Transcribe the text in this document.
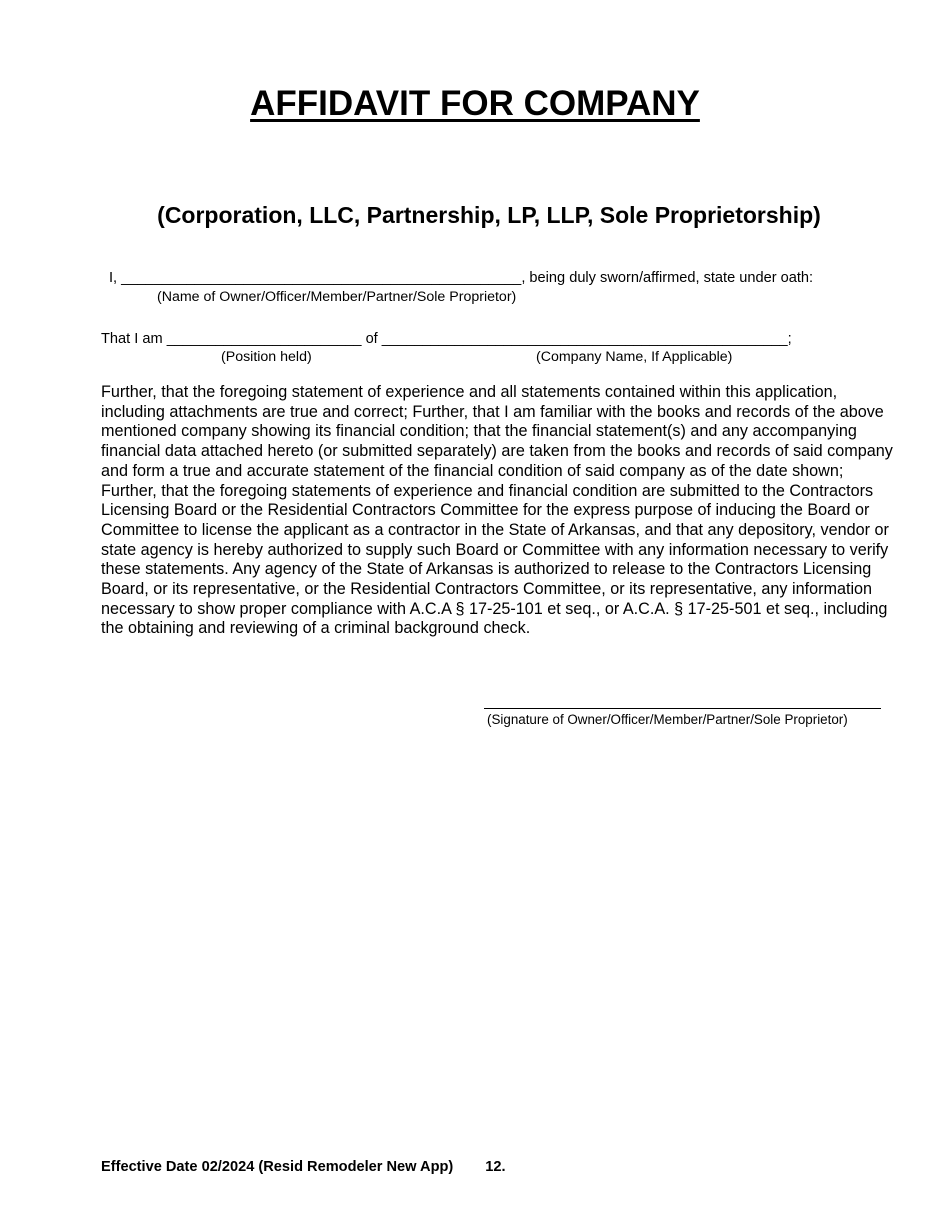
AFFIDAVIT FOR COMPANY
(Corporation, LLC, Partnership, LP, LLP, Sole Proprietorship)
I, _________________________________________________, being duly sworn/affirmed, state under oath:
(Name of Owner/Officer/Member/Partner/Sole Proprietor)
That I am ________________________ of __________________________________________________;
(Position held)	(Company Name, If Applicable)

Further, that the foregoing statement of experience and all statements contained within this application, including attachments are true and correct; Further, that I am familiar with the books and records of the above mentioned company showing its financial condition; that the financial statement(s) and any accompanying financial data attached hereto (or submitted separately) are taken from the books and records of said company and form a true and accurate statement of the financial condition of said company as of the date shown; Further, that the foregoing statements of experience and financial condition are submitted to the Contractors Licensing Board or the Residential Contractors Committee for the express purpose of inducing the Board or Committee to license the applicant as a contractor in the State of Arkansas, and that any depository, vendor or state agency is hereby authorized to supply such Board or Committee with any information necessary to verify these statements. Any agency of the State of Arkansas is authorized to release to the Contractors Licensing Board, or its representative, or the Residential Contractors Committee, or its representative, any information necessary to show proper compliance with A.C.A § 17-25-101 et seq., or A.C.A. § 17-25-501 et seq., including the obtaining and reviewing of a criminal background check.

(Signature of Owner/Officer/Member/Partner/Sole Proprietor)
Effective Date 02/2024 (Resid Remodeler New App) 12.
